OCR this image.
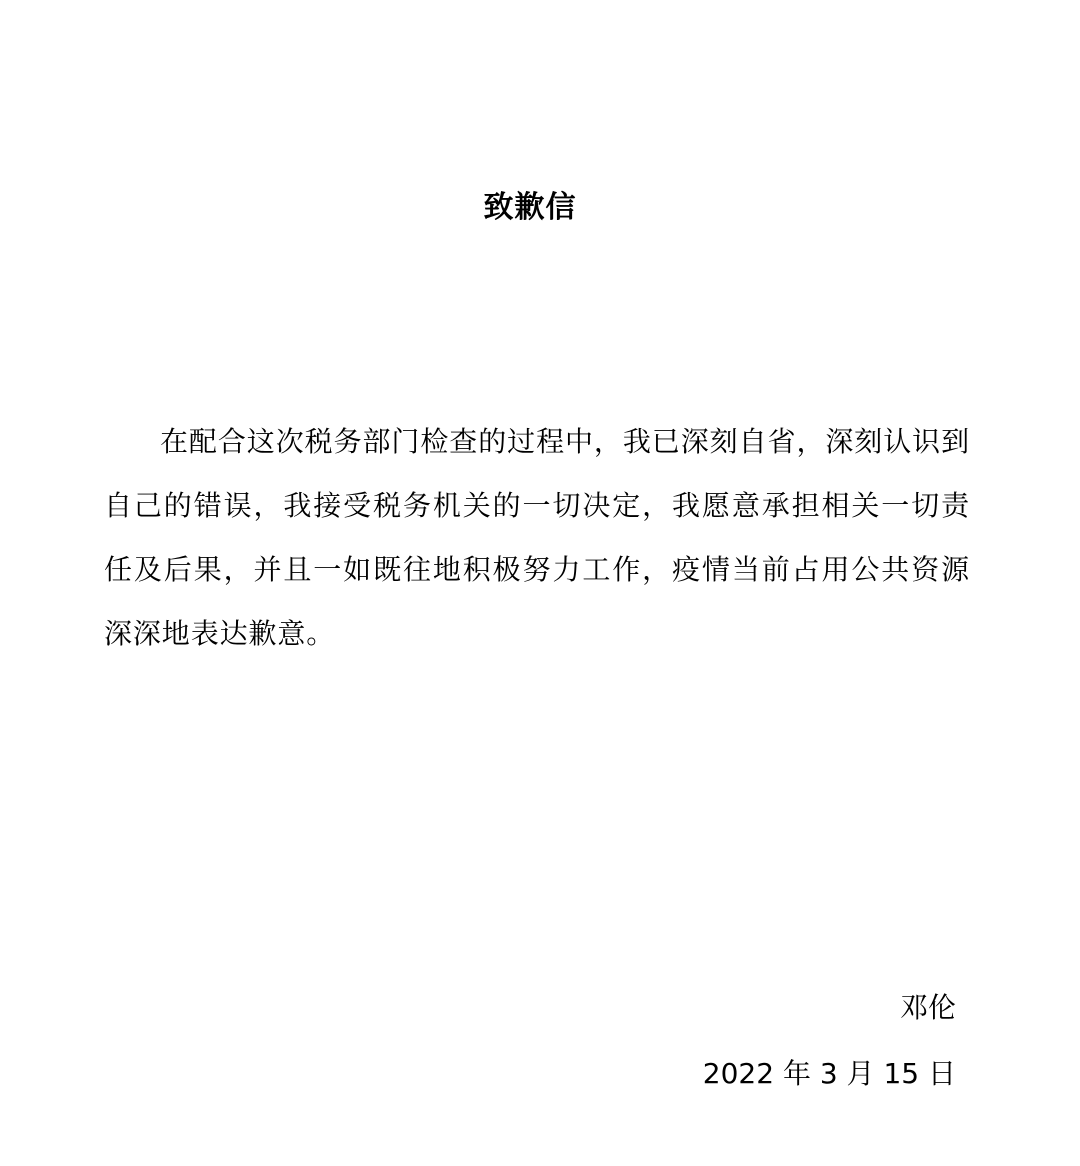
致歉信

在配合这次税务部门检查的过程中，我已深刻自省，深刻认识到自己的错误，我接受税务机关的一切决定，我愿意承担相关一切责任及后果，并且一如既往地积极努力工作，疫情当前占用公共资源深深地表达歉意。

邓伦
2022 年 3 月 15 日
